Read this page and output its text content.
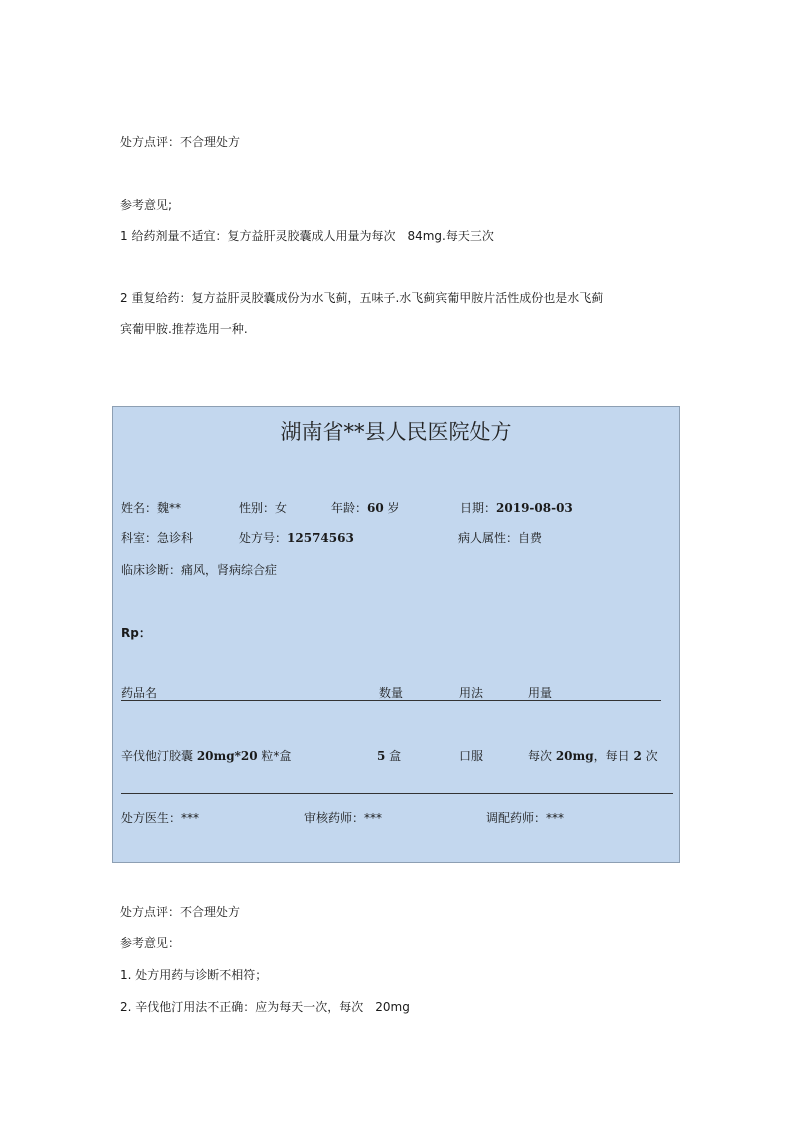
处方点评：不合理处方
参考意见;
1 给药剂量不适宜：复方益肝灵胶囊成人用量为每次　84mg.每天三次
2 重复给药：复方益肝灵胶囊成份为水飞蓟，五味子.水飞蓟宾葡甲胺片活性成份也是水飞蓟
宾葡甲胺.推荐选用一种.
湖南省**县人民医院处方
姓名：魏**	性别：女	年龄：60 岁	日期：2019-08-03
科室：急诊科	处方号：12574563	病人属性：自费
临床诊断：痛风，肾病综合症
Rp：
药品名	数量	用法	用量
辛伐他汀胶囊 20mg*20 粒*盒	5 盒	口服	每次 20mg，每日 2 次
处方医生：***	审核药师：***	调配药师：***
处方点评：不合理处方
参考意见：
1. 处方用药与诊断不相符；
2. 辛伐他汀用法不正确：应为每天一次，每次　20mg
